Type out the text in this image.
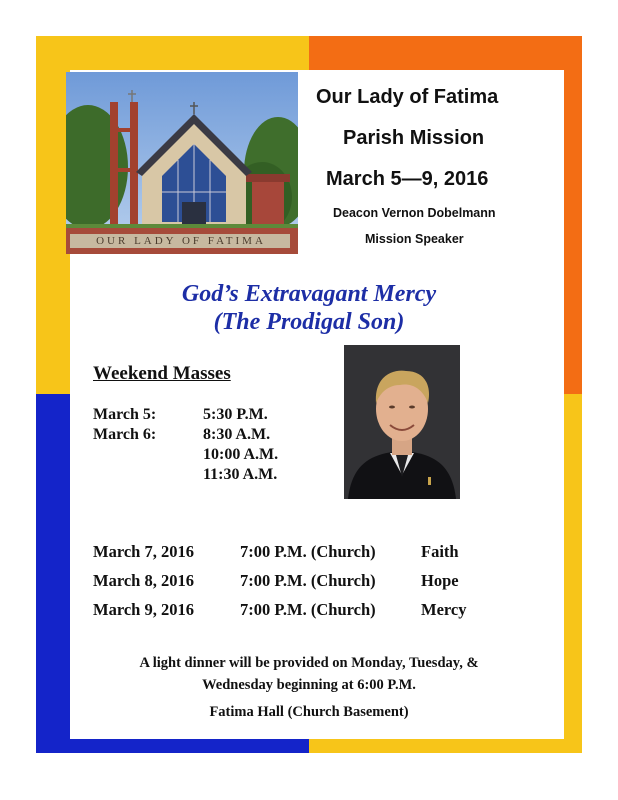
OUR LADY OF FATIMA
Our Lady of Fatima
Parish Mission
March 5—9, 2016
Deacon Vernon Dobelmann
Mission Speaker
God’s Extravagant Mercy
(The Prodigal Son)
Weekend Masses
March 5:	5:30 P.M.
March 6:	8:30 A.M.
10:00 A.M.
11:30 A.M.
March 7, 2016	7:00 P.M. (Church)	Faith
March 8, 2016	7:00 P.M. (Church)	Hope
March 9, 2016	7:00 P.M. (Church)	Mercy
A light dinner will be provided on Monday, Tuesday, &
Wednesday beginning at 6:00 P.M.
Fatima Hall (Church Basement)
